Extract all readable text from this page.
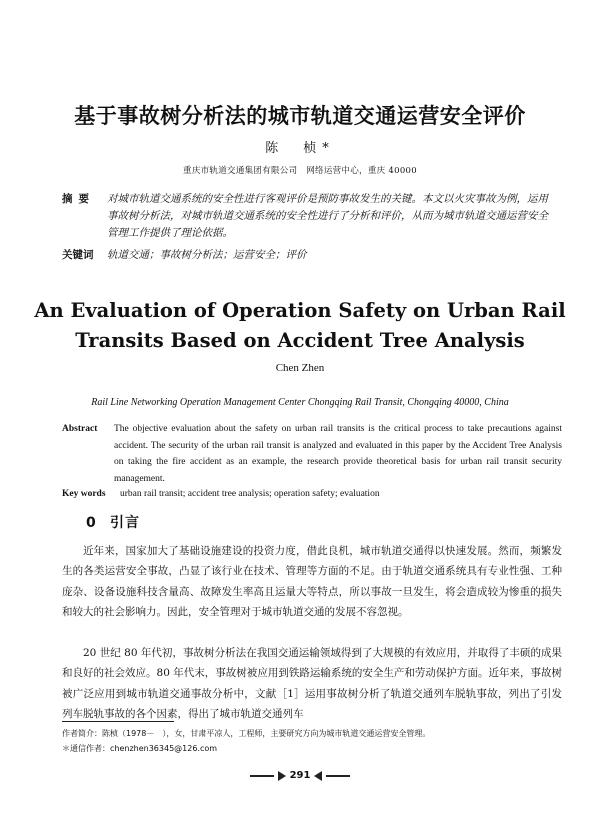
基于事故树分析法的城市轨道交通运营安全评价
陈　桢*
重庆市轨道交通集团有限公司　网络运营中心，重庆 40000
摘要	对城市轨道交通系统的安全性进行客观评价是预防事故发生的关键。本文以火灾事故为例，运用事故树分析法，对城市轨道交通系统的安全性进行了分析和评价，从而为城市轨道交通运营安全管理工作提供了理论依据。
关键词	轨道交通；事故树分析法；运营安全；评价
An Evaluation of Operation Safety on Urban Rail
Transits Based on Accident Tree Analysis
Chen Zhen
Rail Line Networking Operation Management Center Chongqing Rail Transit, Chongqing 40000, China
Abstract	The objective evaluation about the safety on urban rail transits is the critical process to take precautions against accident. The security of the urban rail transit is analyzed and evaluated in this paper by the Accident Tree Analysis on taking the fire accident as an example, the research provide theoretical basis for urban rail transit security management.
Key words	urban rail transit; accident tree analysis; operation safety; evaluation
0 引言

近年来，国家加大了基础设施建设的投资力度，借此良机，城市轨道交通得以快速发展。然而，频繁发生的各类运营安全事故，凸显了该行业在技术、管理等方面的不足。由于轨道交通系统具有专业性强、工种庞杂、设备设施科技含量高、故障发生率高且运量大等特点，所以事故一旦发生，将会造成较为惨重的损失和较大的社会影响力。因此，安全管理对于城市轨道交通的发展不容忽视。

20 世纪 80 年代初，事故树分析法在我国交通运输领域得到了大规模的有效应用，并取得了丰硕的成果和良好的社会效应。80 年代末，事故树被应用到铁路运输系统的安全生产和劳动保护方面。近年来，事故树被广泛应用到城市轨道交通事故分析中，文献［1］运用事故树分析了轨道交通列车脱轨事故，列出了引发列车脱轨事故的各个因素，得出了城市轨道交通列车

作者简介：陈桢（1978－　），女，甘肃平凉人，工程师，主要研究方向为城市轨道交通运营安全管理。
＊通信作者：chenzhen36345@126.com
291
